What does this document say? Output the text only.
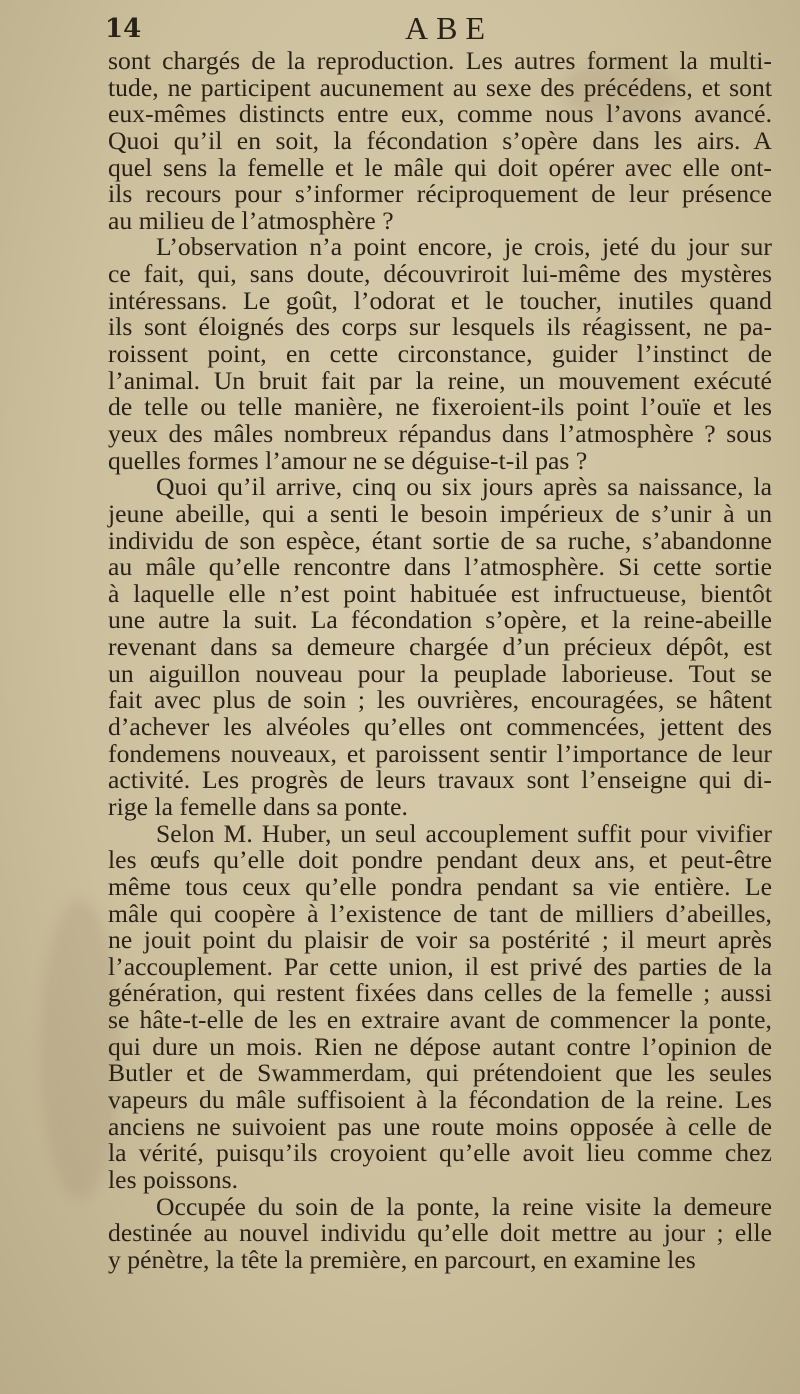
14	ABE
sont chargés de la reproduction. Les autres forment la multi-
tude, ne participent aucunement au sexe des précédens, et sont
eux-mêmes distincts entre eux, comme nous l’avons avancé.
Quoi qu’il en soit, la fécondation s’opère dans les airs. A
quel sens la femelle et le mâle qui doit opérer avec elle ont-
ils recours pour s’informer réciproquement de leur présence
au milieu de l’atmosphère ?
L’observation n’a point encore, je crois, jeté du jour sur
ce fait, qui, sans doute, découvriroit lui-même des mystères
intéressans. Le goût, l’odorat et le toucher, inutiles quand
ils sont éloignés des corps sur lesquels ils réagissent, ne pa-
roissent point, en cette circonstance, guider l’instinct de
l’animal. Un bruit fait par la reine, un mouvement exécuté
de telle ou telle manière, ne fixeroient-ils point l’ouïe et les
yeux des mâles nombreux répandus dans l’atmosphère ? sous
quelles formes l’amour ne se déguise-t-il pas ?
Quoi qu’il arrive, cinq ou six jours après sa naissance, la
jeune abeille, qui a senti le besoin impérieux de s’unir à un
individu de son espèce, étant sortie de sa ruche, s’abandonne
au mâle qu’elle rencontre dans l’atmosphère. Si cette sortie
à laquelle elle n’est point habituée est infructueuse, bientôt
une autre la suit. La fécondation s’opère, et la reine-abeille
revenant dans sa demeure chargée d’un précieux dépôt, est
un aiguillon nouveau pour la peuplade laborieuse. Tout se
fait avec plus de soin ; les ouvrières, encouragées, se hâtent
d’achever les alvéoles qu’elles ont commencées, jettent des
fondemens nouveaux, et paroissent sentir l’importance de leur
activité. Les progrès de leurs travaux sont l’enseigne qui di-
rige la femelle dans sa ponte.
Selon M. Huber, un seul accouplement suffit pour vivifier
les œufs qu’elle doit pondre pendant deux ans, et peut-être
même tous ceux qu’elle pondra pendant sa vie entière. Le
mâle qui coopère à l’existence de tant de milliers d’abeilles,
ne jouit point du plaisir de voir sa postérité ; il meurt après
l’accouplement. Par cette union, il est privé des parties de la
génération, qui restent fixées dans celles de la femelle ; aussi
se hâte-t-elle de les en extraire avant de commencer la ponte,
qui dure un mois. Rien ne dépose autant contre l’opinion de
Butler et de Swammerdam, qui prétendoient que les seules
vapeurs du mâle suffisoient à la fécondation de la reine. Les
anciens ne suivoient pas une route moins opposée à celle de
la vérité, puisqu’ils croyoient qu’elle avoit lieu comme chez
les poissons.
Occupée du soin de la ponte, la reine visite la demeure
destinée au nouvel individu qu’elle doit mettre au jour ; elle
y pénètre, la tête la première, en parcourt, en examine les
